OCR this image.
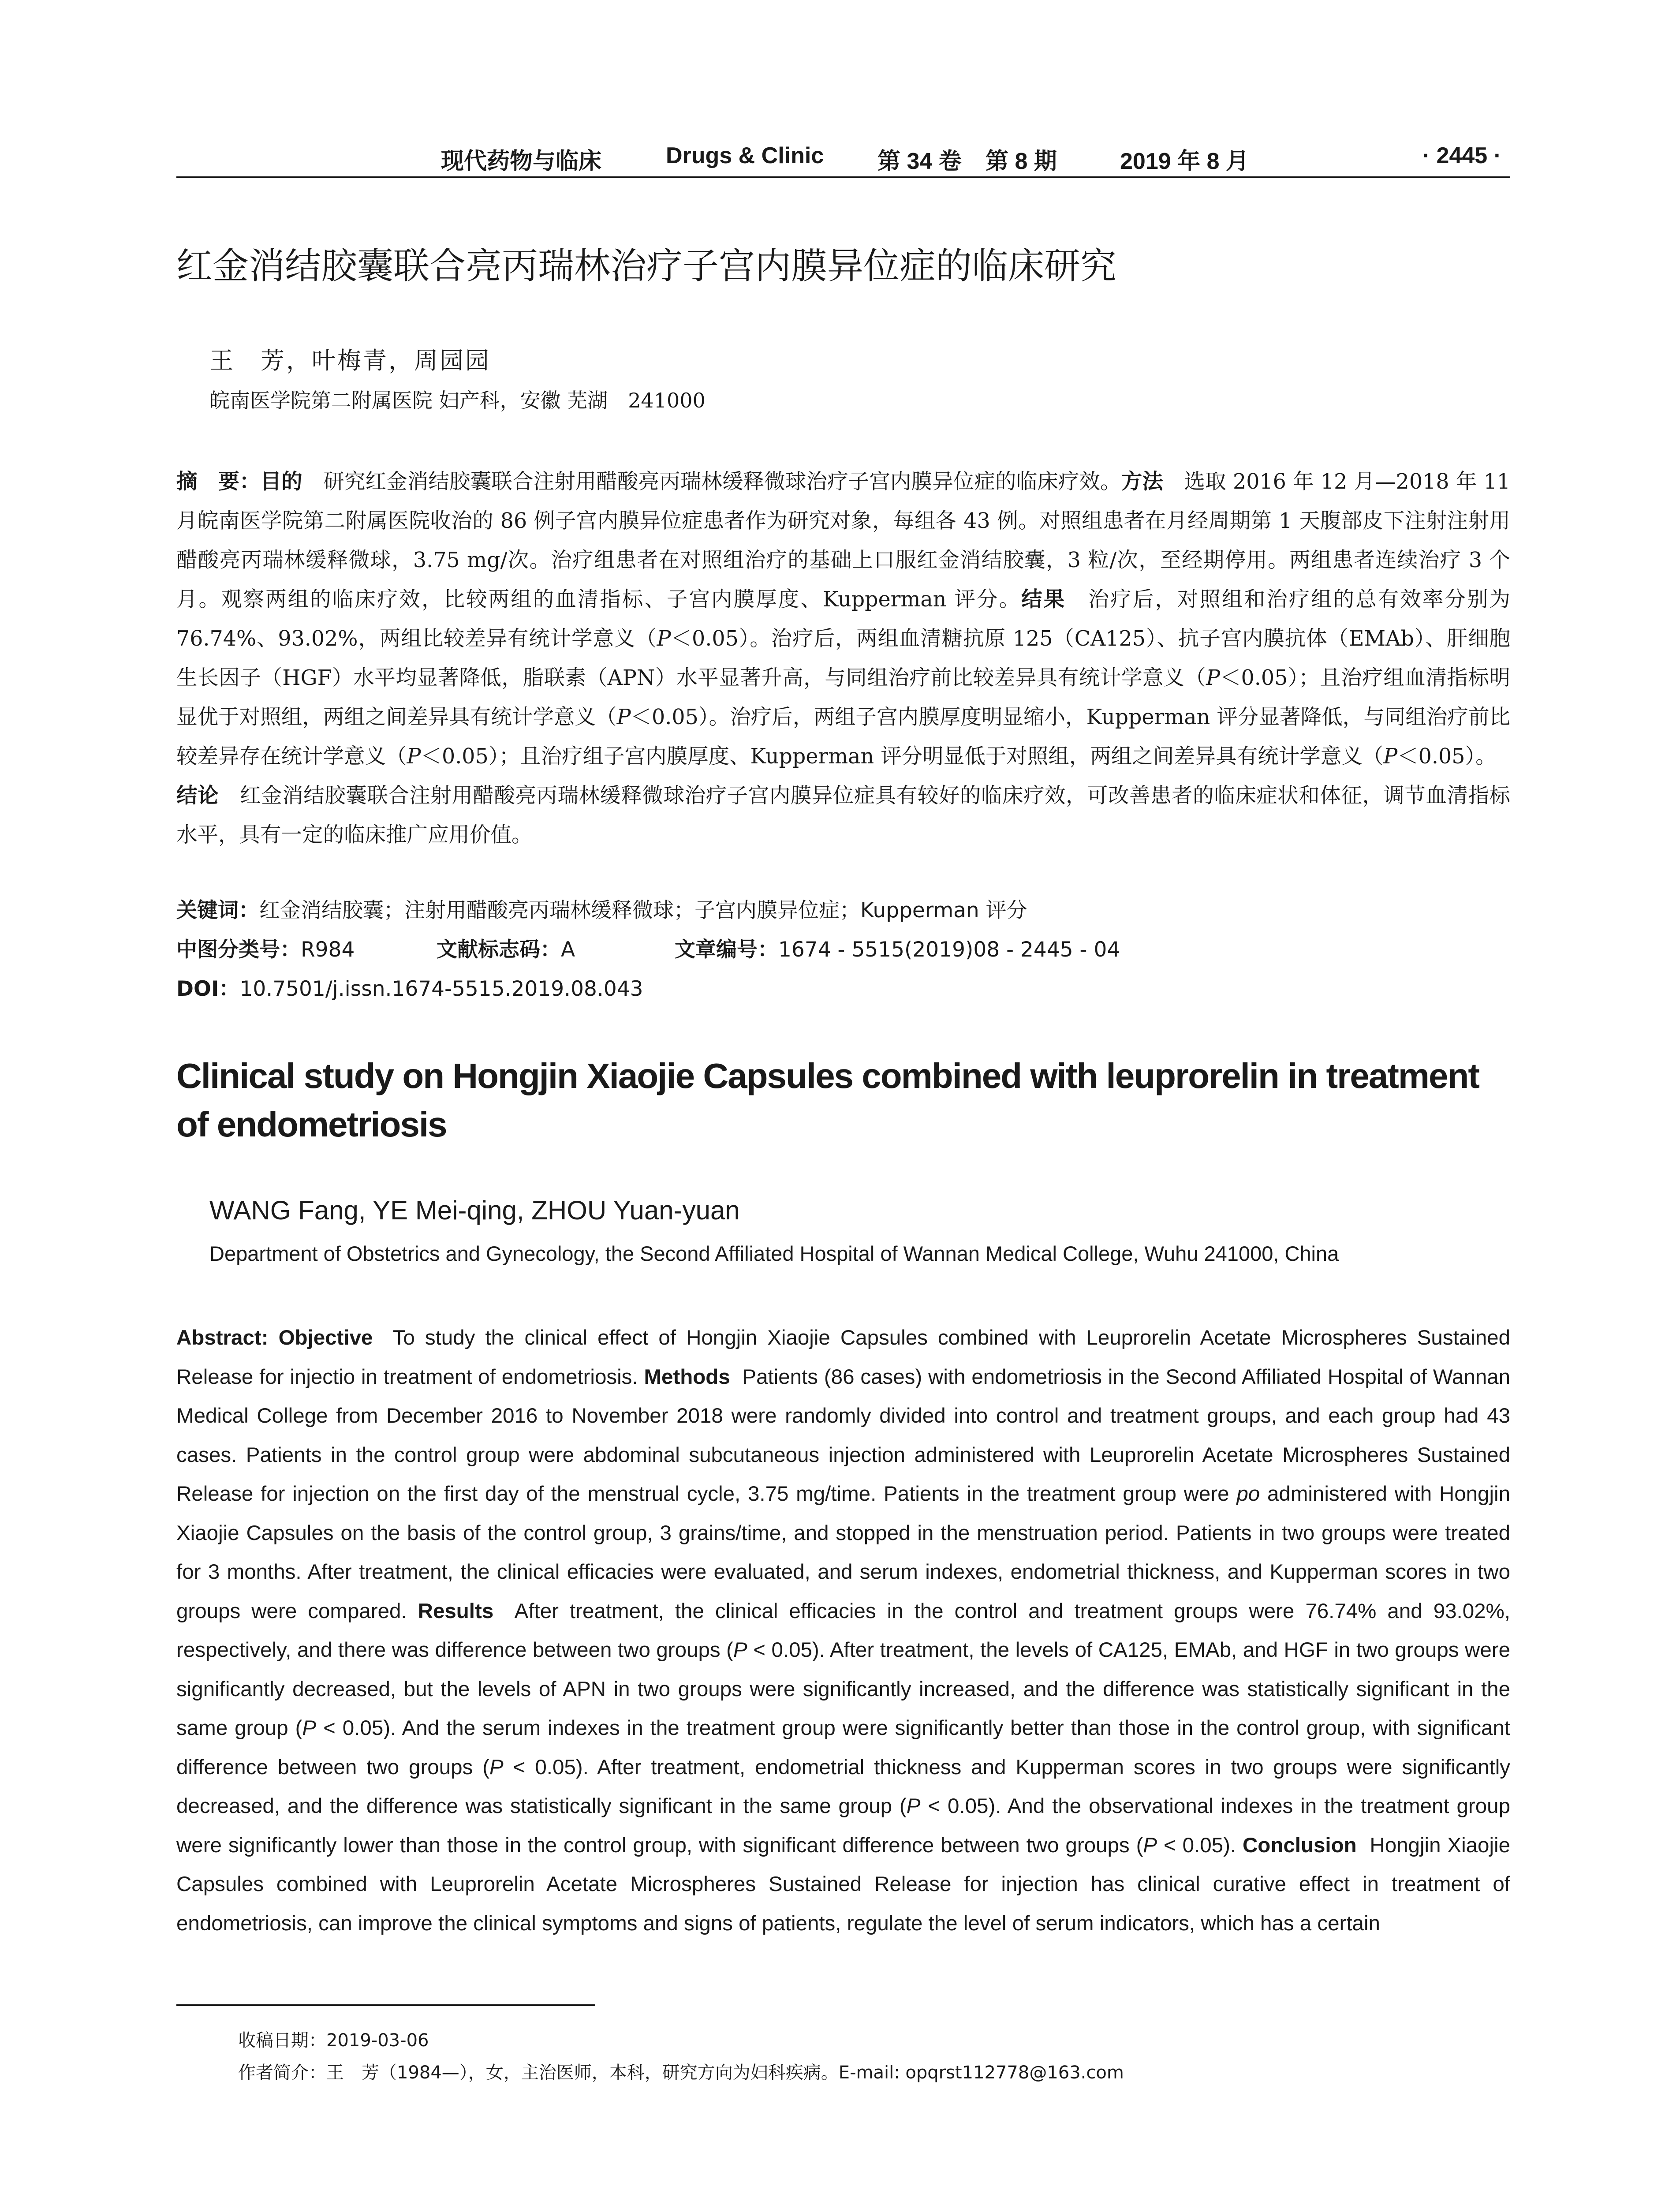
现代药物与临床	Drugs & Clinic 第 34 卷 第 8 期	2019 年 8 月	· 2445 ·
红金消结胶囊联合亮丙瑞林治疗子宫内膜异位症的临床研究
王　芳，叶梅青，周园园
皖南医学院第二附属医院 妇产科，安徽 芜湖　241000
摘　要：目的　 研究红金消结胶囊联合注射用醋酸亮丙瑞林缓释微球治疗子宫内膜异位症的临床疗效。方法　 选取 2016 年 12 月—2018 年 11 月皖南医学院第二附属医院收治的 86 例子宫内膜异位症患者作为研究对象，每组各 43 例。对照组患者在月经周期第 1 天腹部皮下注射注射用醋酸亮丙瑞林缓释微球，3.75 mg/次。治疗组患者在对照组治疗的基础上口服红金消结胶囊，3 粒/次，至经期停用。两组患者连续治疗 3 个月。观察两组的临床疗效，比较两组的血清指标、子宫内膜厚度、Kupperman 评分。结果　 治疗后，对照组和治疗组的总有效率分别为 76.74%、93.02%，两组比较差异有统计学意义（P＜0.05）。治疗后，两组血清糖抗原 125（CA125）、抗子宫内膜抗体（EMAb）、肝细胞生长因子（HGF）水平均显著降低，脂联素（APN）水平显著升高，与同组治疗前比较差异具有统计学意义（P＜0.05）；且治疗组血清指标明显优于对照组，两组之间差异具有统计学意义（P＜0.05）。治疗后，两组子宫内膜厚度明显缩小，Kupperman 评分显著降低，与同组治疗前比较差异存在统计学意义（P＜0.05）；且治疗组子宫内膜厚度、Kupperman 评分明显低于对照组，两组之间差异具有统计学意义（P＜0.05）。
结论　 红金消结胶囊联合注射用醋酸亮丙瑞林缓释微球治疗子宫内膜异位症具有较好的临床疗效，可改善患者的临床症状和体征，调节血清指标水平，具有一定的临床推广应用价值。
关键词：红金消结胶囊；注射用醋酸亮丙瑞林缓释微球；子宫内膜异位症；Kupperman 评分
中图分类号：R984	文献标志码：A	文章编号：1674 - 5515(2019)08 - 2445 - 04
DOI：10.7501/j.issn.1674-5515.2019.08.043
Clinical study on Hongjin Xiaojie Capsules combined with leuprorelin in treatment of endometriosis
WANG Fang, YE Mei-qing, ZHOU Yuan-yuan
Department of Obstetrics and Gynecology, the Second Affiliated Hospital of Wannan Medical College, Wuhu 241000, China
Abstract: Objective To study the clinical effect of Hongjin Xiaojie Capsules combined with Leuprorelin Acetate Microspheres Sustained Release for injectio in treatment of endometriosis. Methods Patients (86 cases) with endometriosis in the Second Affiliated Hospital of Wannan Medical College from December 2016 to November 2018 were randomly divided into control and treatment groups, and each group had 43 cases. Patients in the control group were abdominal subcutaneous injection administered with Leuprorelin Acetate Microspheres Sustained Release for injection on the first day of the menstrual cycle, 3.75 mg/time. Patients in the treatment group were po administered with Hongjin Xiaojie Capsules on the basis of the control group, 3 grains/time, and stopped in the menstruation period. Patients in two groups were treated for 3 months. After treatment, the clinical efficacies were evaluated, and serum indexes, endometrial thickness, and Kupperman scores in two groups were compared. Results After treatment, the clinical efficacies in the control and treatment groups were 76.74% and 93.02%, respectively, and there was difference between two groups (P < 0.05). After treatment, the levels of CA125, EMAb, and HGF in two groups were significantly decreased, but the levels of APN in two groups were significantly increased, and the difference was statistically significant in the same group (P < 0.05). And the serum indexes in the treatment group were significantly better than those in the control group, with significant difference between two groups (P < 0.05). After treatment, endometrial thickness and Kupperman scores in two groups were significantly decreased, and the difference was statistically significant in the same group (P < 0.05). And the observational indexes in the treatment group were significantly lower than those in the control group, with significant difference between two groups (P < 0.05). Conclusion Hongjin Xiaojie Capsules combined with Leuprorelin Acetate Microspheres Sustained Release for injection has clinical curative effect in treatment of endometriosis, can improve the clinical symptoms and signs of patients, regulate the level of serum indicators, which has a certain
收稿日期：2019-03-06
作者简介：王　芳（1984—），女，主治医师，本科，研究方向为妇科疾病。E-mail: opqrst112778@163.com
